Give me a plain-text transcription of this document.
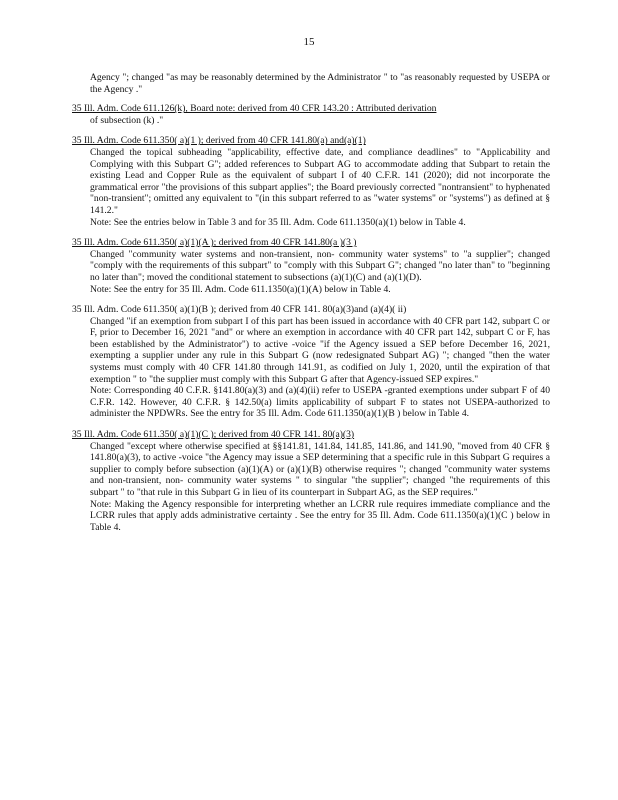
15
Agency "; changed "as may be reasonably determined by the Administrator " to "as reasonably requested by USEPA or the Agency ."
35 Ill. Adm. Code 611.126(k), Board note: derived from 40 CFR 143.20 : Attributed derivation
of subsection (k) ."
35 Ill. Adm. Code 611.350( a)(1 ); derived from 40 CFR 141.80(a) and(a)(1)
Changed the topical subheading "applicability, effective date, and compliance deadlines" to "Applicability and Complying with this Subpart G"; added references to Subpart AG to accommodate adding that Subpart to retain the existing Lead and Copper Rule as the equivalent of subpart I of 40 C.F.R. 141 (2020); did not incorporate the grammatical error "the provisions of this subpart applies"; the Board previously corrected "nontransient" to hyphenated "non-transient"; omitted any equivalent to "(in this subpart referred to as "water systems" or "systems") as defined at § 141.2."
Note: See the entries below in Table 3 and for 35 Ill. Adm. Code 611.1350(a)(1) below in Table 4.
35 Ill. Adm. Code 611.350( a)(1)(A ); derived from 40 CFR 141.80(a )(3 )
Changed "community water systems and non-transient, non- community water systems" to "a supplier"; changed "comply with the requirements of this subpart" to "comply with this Subpart G"; changed "no later than" to "beginning no later than"; moved the conditional statement to subsections (a)(1)(C) and (a)(1)(D).
Note: See the entry for 35 Ill. Adm. Code 611.1350(a)(1)(A) below in Table 4.
35 Ill. Adm. Code 611.350( a)(1)(B ); derived from 40 CFR 141. 80(a)(3)and (a)(4)( ii)
Changed "if an exemption from subpart I of this part has been issued in accordance with 40 CFR part 142, subpart C or F, prior to December 16, 2021 "and" or where an exemption in accordance with 40 CFR part 142, subpart C or F, has been established by the Administrator") to active -voice "if the Agency issued a SEP before December 16, 2021, exempting a supplier under any rule in this Subpart G (now redesignated Subpart AG) "; changed "then the water systems must comply with 40 CFR 141.80 through 141.91, as codified on July 1, 2020, until the expiration of that exemption " to "the supplier must comply with this Subpart G after that Agency-issued SEP expires."
Note: Corresponding 40 C.F.R. §141.80(a)(3) and (a)(4)(ii) refer to USEPA -granted exemptions under subpart F of 40 C.F.R. 142. However, 40 C.F.R. § 142.50(a) limits applicability of subpart F to states not USEPA-authorized to administer the NPDWRs. See the entry for 35 Ill. Adm. Code 611.1350(a)(1)(B ) below in Table 4.
35 Ill. Adm. Code 611.350( a)(1)(C ); derived from 40 CFR 141. 80(a)(3)
Changed "except where otherwise specified at §§141.81, 141.84, 141.85, 141.86, and 141.90, "moved from 40 CFR § 141.80(a)(3), to active -voice "the Agency may issue a SEP determining that a specific rule in this Subpart G requires a supplier to comply before subsection (a)(1)(A) or (a)(1)(B) otherwise requires "; changed "community water systems and non-transient, non- community water systems " to singular "the supplier"; changed "the requirements of this subpart " to "that rule in this Subpart G in lieu of its counterpart in Subpart AG, as the SEP requires."
Note: Making the Agency responsible for interpreting whether an LCRR rule requires immediate compliance and the LCRR rules that apply adds administrative certainty . See the entry for 35 Ill. Adm. Code 611.1350(a)(1)(C ) below in Table 4.
